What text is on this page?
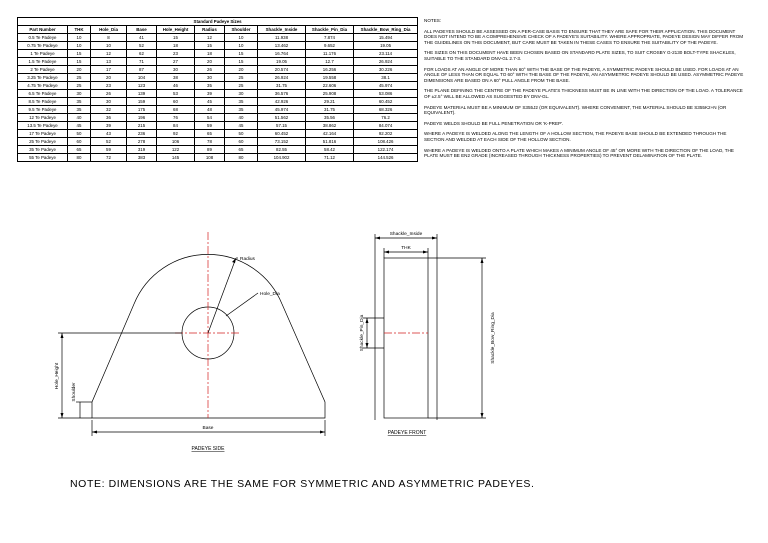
Standard Padeye Sizes									
Part Number	THK	Hole_Dia	Base	Hole_Height	Radius	Shoulder	Shackle_Inside	Shackle_Pin_Dia	Shackle_Bow_Ring_Dia
0.5 Te Padeye	10	8	41	15	12	10	11.938	7.874	15.494
0.75 Te Padeye	10	10	52	18	15	10	13.462	9.652	19.05
1 Te Padeye	15	12	62	23	18	15	16.764	11.176	23.114
1.5 Te Padeye	15	13	71	27	20	15	19.05	12.7	26.924
2 Te Padeye	20	17	87	30	26	20	20.574	16.256	30.226
3.25 Te Padeye	25	20	104	38	30	25	26.924	19.558	38.1
4.75 Te Padeye	25	23	123	46	35	25	31.75	22.606	45.974
6.5 Te Padeye	30	26	139	53	39	30	36.576	25.908	53.086
8.5 Te Padeye	35	30	159	60	45	35	42.926	29.21	60.452
9.5 Te Padeye	35	32	175	68	48	35	45.974	31.75	68.326
12 Te Padeye	40	36	196	76	54	40	51.562	35.56	76.2
13.5 Te Padeye	45	39	215	84	59	45	57.15	38.862	84.074
17 Te Padeye	50	43	236	92	65	50	60.452	42.164	92.202
25 Te Padeye	60	52	278	106	78	60	73.152	51.816	108.426
35 Te Padeye	65	59	319	122	89	65	82.55	58.42	122.174
55 Te Padeye	80	72	383	145	108	80	104.902	71.12	144.526
NOTES:

ALL PADEYES SHOULD BE ASSESSED ON A PER-CASE BASIS TO ENSURE THAT THEY ARE SAFE FOR THEIR APPLICATION. THIS DOCUMENT DOES NOT INTEND TO BE A COMPREHENSIVE CHECK OF A PADEYE'S SUITABILITY. WHERE APPROPRIATE, PADEYE DESIGN MAY DIFFER FROM THE GUIDELINES ON THIS DOCUMENT, BUT CARE MUST BE TAKEN IN THESE CASES TO ENSURE THE SUITABILITY OF THE PADEYE.

THE SIZES ON THIS DOCUMENT HAVE BEEN CHOSEN BASED ON STANDARD PLATE SIZES, TO SUIT CROSBY G-2130 BOLT-TYPE SHACKLES, SUITABLE TO THE STANDARD DNV-GL 2.7-3.

FOR LOADS AT AN ANGLE OF MORE THAN 60° WITH THE BASE OF THE PADEYE, A SYMMETRIC PADEYE SHOULD BE USED. FOR LOADS AT AN ANGLE OF LESS THAN OR EQUAL TO 60° WITH THE BASE OF THE PADEYE, AN ASYMMETRIC PADEYE SHOULD BE USED. ASYMMETRIC PADEYE DIMENSIONS ARE BASED ON A 60° PULL ANGLE FROM THE BASE.

THE PLANE DEFINING THE CENTRE OF THE PADEYE PLATE'S THICKNESS MUST BE IN LINE WITH THE DIRECTION OF THE LOAD. A TOLERANCE OF ±2.5° WILL BE ALLOWED AS SUGGESTED BY DNV-GL.

PADEYE MATERIAL MUST BE A MINIMUM OF S355J2 (OR EQUIVALENT). WHERE CONVENIENT, THE MATERIAL SHOULD BE S355K2+N (OR EQUIVALENT).

PADEYE WELDS SHOULD BE FULL PENETRATION OR 'K-PREP'.

WHERE A PADEYE IS WELDED ALONG THE LENGTH OF A HOLLOW SECTION, THE PADEYE BASE SHOULD BE EXTENDED THROUGH THE SECTION AND WELDED AT EACH SIDE OF THE HOLLOW SECTION.

WHERE A PADEYE IS WELDED ONTO A PLATE WHICH MAKES A MINIMUM ANGLE OF 45° OR MORE WITH THE DIRECTION OF THE LOAD, THE PLATE MUST BE EN2 GRADE (INCREASED THROUGH THICKNESS PROPERTIES) TO PREVENT DELAMINATION OF THE PLATE.

Radius
Hole_Dia
Hole_Height
Shoulder
Base
PADEYE SIDE
Shackle_Inside
THK
Shackle_Pin_Dia	Shackle_Bow_Ring_Dia
PADEYE FRONT
NOTE: DIMENSIONS ARE THE SAME FOR SYMMETRIC AND ASYMMETRIC PADEYES.
